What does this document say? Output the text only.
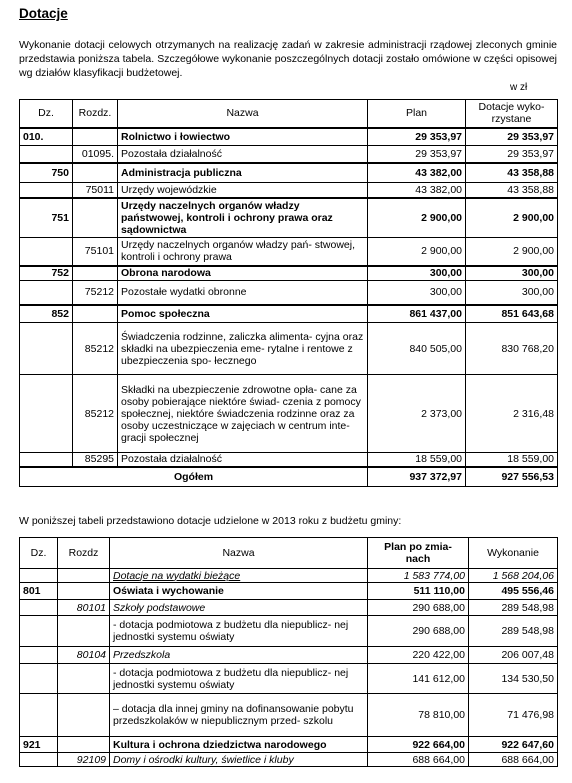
Dotacje

Wykonanie dotacji celowych otrzymanych na realizację zadań w zakresie administracji rządowej zleconych gminie przedstawia poniższa tabela. Szczegółowe wykonanie poszczególnych dotacji zostało omówione w części opisowej wg działów klasyfikacji budżetowej.

w zł
Dz.	Rozdz.	Nazwa	Plan	Dotacje wyko- rzystane
010.		Rolnictwo i łowiectwo	29 353,97	29 353,97
	01095.	Pozostała działalność	29 353,97	29 353,97
750		Administracja publiczna	43 382,00	43 358,88
	75011	Urzędy wojewódzkie	43 382,00	43 358,88
751		Urzędy naczelnych organów władzy państwowej, kontroli i ochrony prawa oraz sądownictwa	2 900,00	2 900,00
	75101	Urzędy naczelnych organów władzy pań- stwowej, kontroli i ochrony prawa	2 900,00	2 900,00
752		Obrona narodowa	300,00	300,00
	75212	Pozostałe wydatki obronne	300,00	300,00
852		Pomoc społeczna	861 437,00	851 643,68
	85212	Świadczenia rodzinne, zaliczka alimenta- cyjna oraz składki na ubezpieczenia eme- rytalne i rentowe z ubezpieczenia spo- łecznego	840 505,00	830 768,20
	85212	Składki na ubezpieczenie zdrowotne opła- cane za osoby pobierające niektóre świad- czenia z pomocy społecznej, niektóre świadczenia rodzinne oraz za osoby uczestniczące w zajęciach w centrum inte- gracji społecznej	2 373,00	2 316,48
	85295	Pozostała działalność	18 559,00	18 559,00
Ogółem			937 372,97	927 556,53

W poniższej tabeli przedstawiono dotacje udzielone w 2013 roku z budżetu gminy:

Dz.	Rozdz	Nazwa	Plan po zmia- nach	Wykonanie
		Dotacje na wydatki bieżące	1 583 774,00	1 568 204,06
801		Oświata i wychowanie	511 110,00	495 556,46
	80101	Szkoły podstawowe	290 688,00	289 548,98
		- dotacja podmiotowa z budżetu dla niepublicz- nej jednostki systemu oświaty	290 688,00	289 548,98
	80104	Przedszkola	220 422,00	206 007,48
		- dotacja podmiotowa z budżetu dla niepublicz- nej jednostki systemu oświaty	141 612,00	134 530,50
		– dotacja dla innej gminy na dofinansowanie pobytu przedszkolaków w niepublicznym przed- szkolu	78 810,00	71 476,98
921		Kultura i ochrona dziedzictwa narodowego	922 664,00	922 647,60
	92109	Domy i ośrodki kultury, świetlice i kluby	688 664,00	688 664,00
